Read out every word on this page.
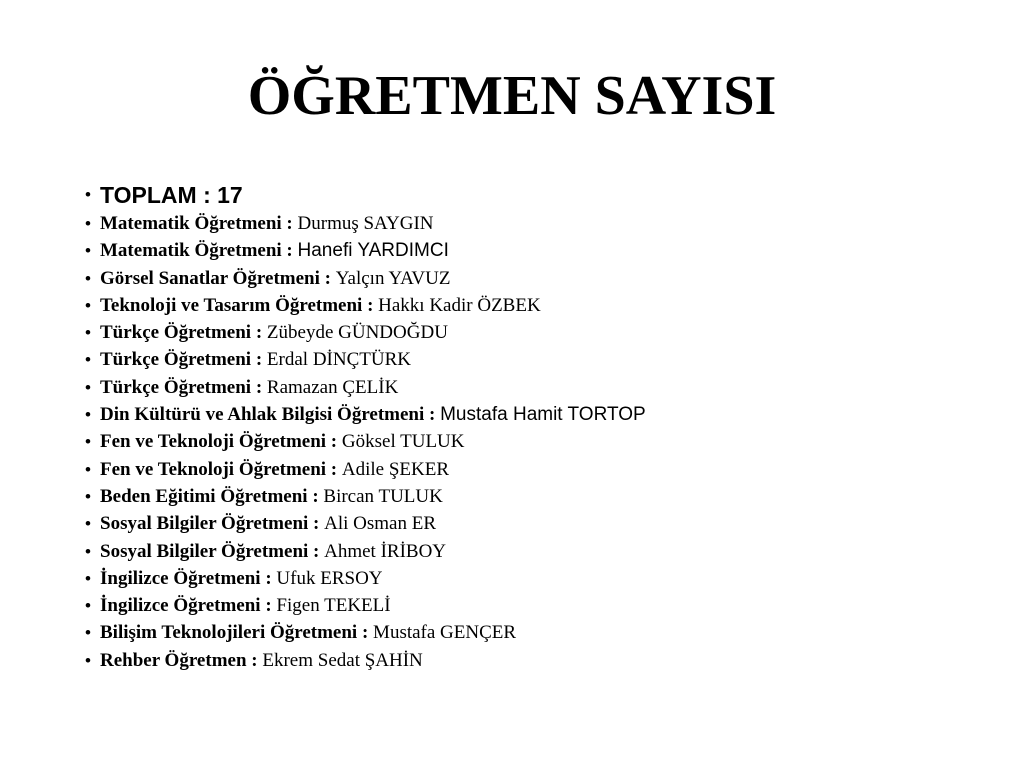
ÖĞRETMEN SAYISI
• TOPLAM : 17
• Matematik Öğretmeni : Durmuş SAYGIN
• Matematik Öğretmeni : Hanefi YARDIMCI
• Görsel Sanatlar Öğretmeni : Yalçın YAVUZ
• Teknoloji ve Tasarım Öğretmeni : Hakkı Kadir ÖZBEK
• Türkçe Öğretmeni : Zübeyde GÜNDOĞDU
• Türkçe Öğretmeni : Erdal DİNÇTÜRK
• Türkçe Öğretmeni : Ramazan ÇELİK
• Din Kültürü ve Ahlak Bilgisi Öğretmeni : Mustafa Hamit TORTOP
• Fen ve Teknoloji Öğretmeni : Göksel TULUK
• Fen ve Teknoloji Öğretmeni : Adile ŞEKER
• Beden Eğitimi Öğretmeni : Bircan TULUK
• Sosyal Bilgiler Öğretmeni : Ali Osman ER
• Sosyal Bilgiler Öğretmeni : Ahmet İRİBOY
• İngilizce Öğretmeni : Ufuk ERSOY
• İngilizce Öğretmeni : Figen TEKELİ
• Bilişim Teknolojileri Öğretmeni : Mustafa GENÇER
• Rehber Öğretmen : Ekrem Sedat ŞAHİN
